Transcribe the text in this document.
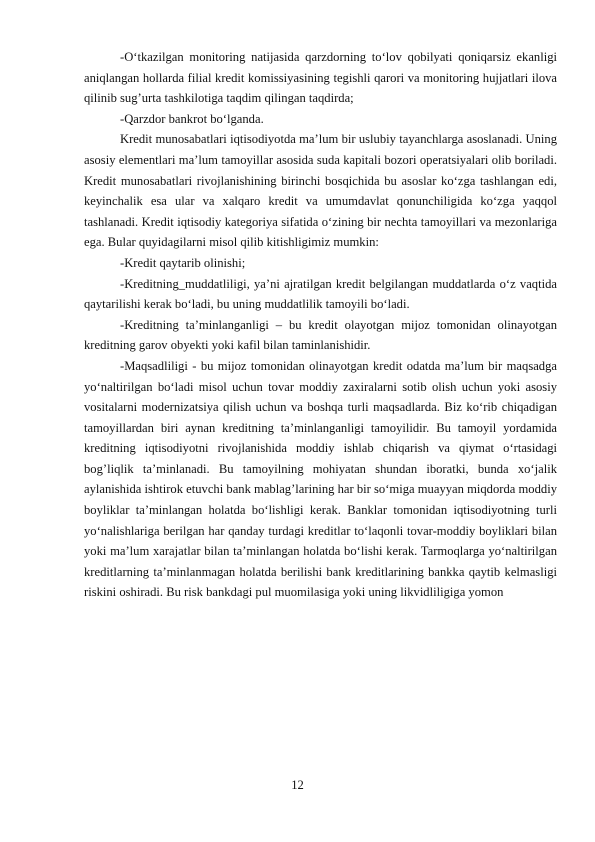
-O‘tkazilgan monitoring natijasida qarzdorning to‘lov qobilyati qoniqarsiz ekanligi aniqlangan hollarda filial kredit komissiyasining tegishli qarori va monitoring hujjatlari ilova qilinib sug’urta tashkilotiga taqdim qilingan taqdirda;

-Qarzdor bankrot bo‘lganda.

Kredit munosabatlari iqtisodiyotda ma’lum bir uslubiy tayanchlarga asoslanadi. Uning asosiy elementlari ma’lum tamoyillar asosida suda kapitali bozori operatsiyalari olib boriladi. Kredit munosabatlari rivojlanishining birinchi bosqichida bu asoslar ko‘zga tashlangan edi, keyinchalik esa ular va xalqaro kredit va umumdavlat qonunchiligida ko‘zga yaqqol tashlanadi. Kredit iqtisodiy kategoriya sifatida o‘zining bir nechta tamoyillari va mezonlariga ega. Bular quyidagilarni misol qilib kitishligimiz mumkin:

-Kredit qaytarib olinishi;

-Kreditning_muddatliligi, ya’ni ajratilgan kredit belgilangan muddatlarda o‘z vaqtida qaytarilishi kerak bo‘ladi, bu uning muddatlilik tamoyili bo‘ladi.

-Kreditning ta’minlanganligi – bu kredit olayotgan mijoz tomonidan olinayotgan kreditning garov obyekti yoki kafil bilan taminlanishidir.

-Maqsadliligi - bu mijoz tomonidan olinayotgan kredit odatda ma’lum bir maqsadga yo‘naltirilgan bo‘ladi misol uchun tovar moddiy zaxiralarni sotib olish uchun yoki asosiy vositalarni modernizatsiya qilish uchun va boshqa turli maqsadlarda. Biz ko‘rib chiqadigan tamoyillardan biri aynan kreditning ta’minlanganligi tamoyilidir. Bu tamoyil yordamida kreditning iqtisodiyotni rivojlanishida moddiy ishlab chiqarish va qiymat o‘rtasidagi bog’liqlik ta’minlanadi. Bu tamoyilning mohiyatan shundan iboratki, bunda xo‘jalik aylanishida ishtirok etuvchi bank mablag’larining har bir so‘miga muayyan miqdorda moddiy boyliklar ta’minlangan holatda bo‘lishligi kerak. Banklar tomonidan iqtisodiyotning turli yo‘nalishlariga berilgan har qanday turdagi kreditlar to‘laqonli tovar-moddiy boyliklari bilan yoki ma’lum xarajatlar bilan ta’minlangan holatda bo‘lishi kerak. Tarmoqlarga yo‘naltirilgan kreditlarning ta’minlanmagan holatda berilishi bank kreditlarining bankka qaytib kelmasligi riskini oshiradi. Bu risk bankdagi pul muomilasiga yoki uning likvidliligiga yomon

12
